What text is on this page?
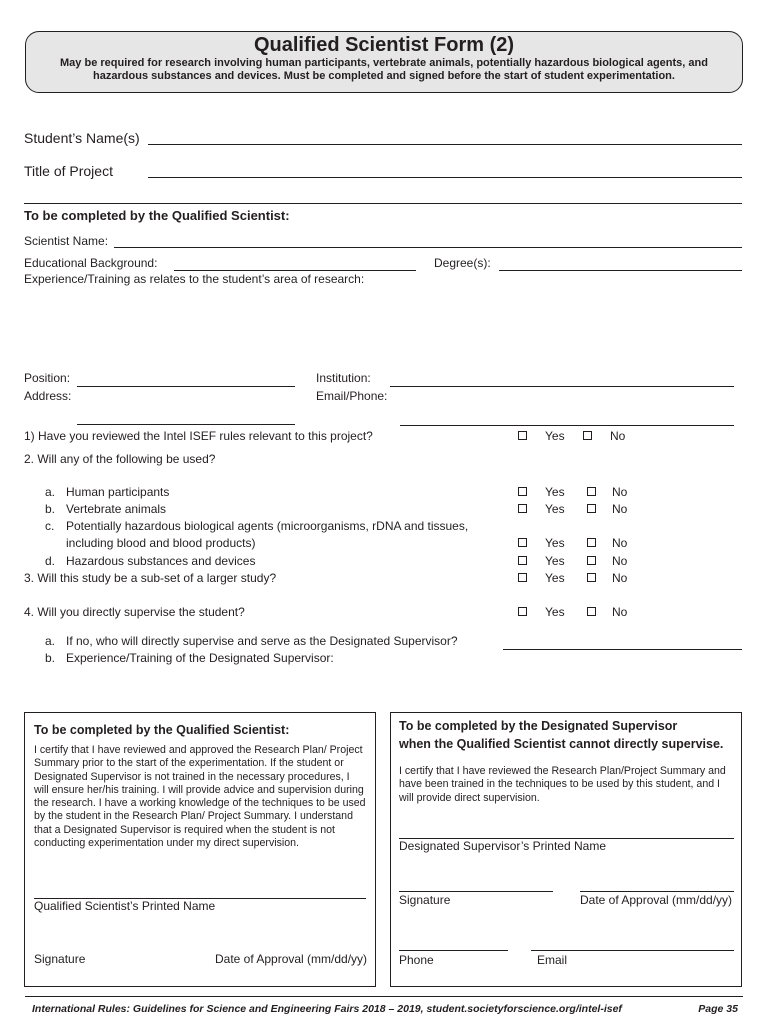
Qualified Scientist Form (2)
May be required for research involving human participants, vertebrate animals, potentially hazardous biological agents, and hazardous substances and devices. Must be completed and signed before the start of student experimentation.
Student’s Name(s)
Title of Project
To be completed by the Qualified Scientist:
Scientist Name:
Educational Background:	Degree(s):
Experience/Training as relates to the student’s area of research:
Position:	Institution:
Address:	Email/Phone:
1) Have you reviewed the Intel ISEF rules relevant to this project?	Yes	No
2. Will any of the following be used?
a. Human participants	Yes	No
b. Vertebrate animals	Yes	No
c. Potentially hazardous biological agents (microorganisms, rDNA and tissues,
including blood and blood products)	Yes	No
d. Hazardous substances and devices	Yes	No
3. Will this study be a sub-set of a larger study?	Yes	No
4. Will you directly supervise the student?	Yes	No
a. If no, who will directly supervise and serve as the Designated Supervisor?
b. Experience/Training of the Designated Supervisor:
To be completed by the Qualified Scientist:
I certify that I have reviewed and approved the Research Plan/ Project Summary prior to the start of the experimentation. If the student or Designated Supervisor is not trained in the necessary procedures, I will ensure her/his training. I will provide advice and supervision during the research. I have a working knowledge of the techniques to be used by the student in the Research Plan/ Project Summary. I understand that a Designated Supervisor is required when the student is not conducting experimentation under my direct supervision.
Qualified Scientist’s Printed Name
Signature	Date of Approval (mm/dd/yy)
To be completed by the Designated Supervisor
when the Qualified Scientist cannot directly supervise.
I certify that I have reviewed the Research Plan/Project Summary and have been trained in the techniques to be used by this student, and I will provide direct supervision.
Designated Supervisor’s Printed Name
Signature	Date of Approval (mm/dd/yy)
Phone	Email
International Rules: Guidelines for Science and Engineering Fairs 2018 – 2019, student.societyforscience.org/intel-isef	Page 35
